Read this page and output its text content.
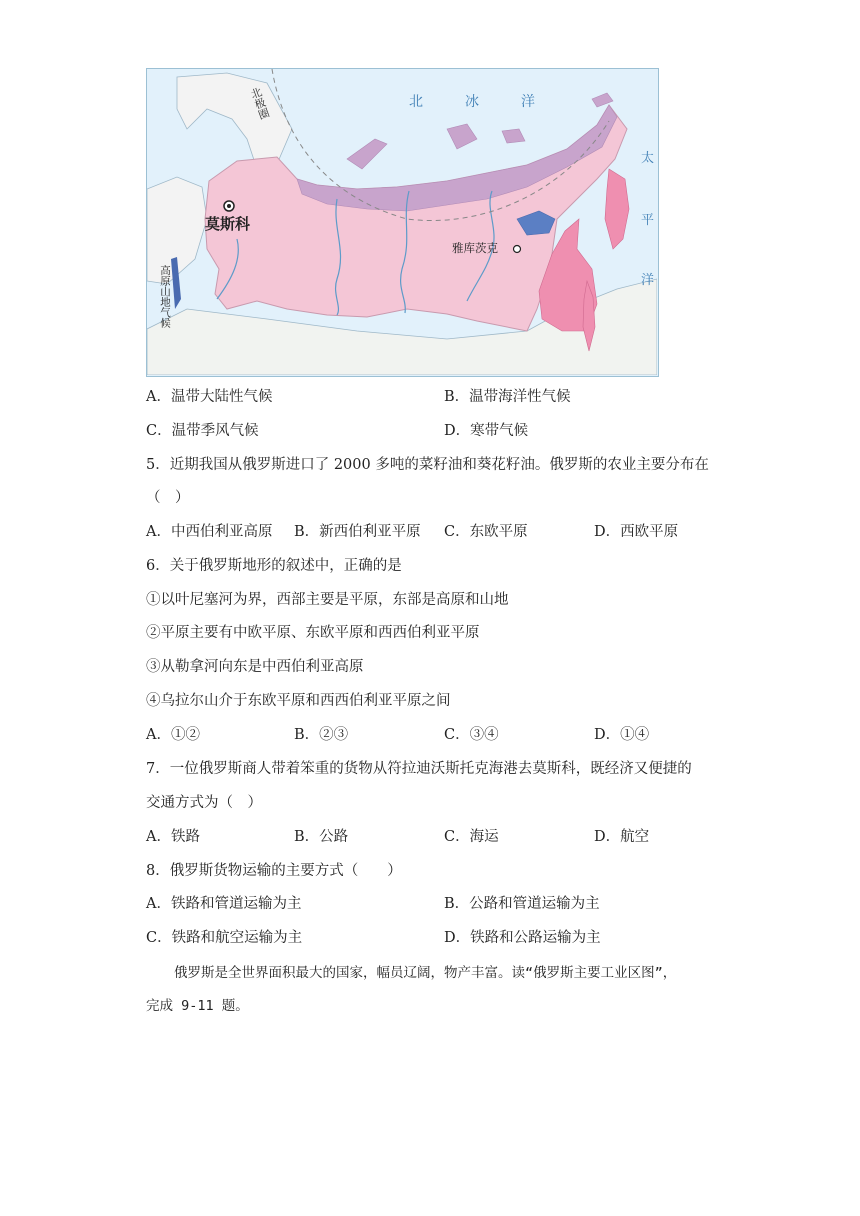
北	冰	洋
太
平
洋
北极圈
莫斯科
雅库茨克
高原山地气候
A．温带大陆性气候	B．温带海洋性气候
C．温带季风气候	D．寒带气候
5．近期我国从俄罗斯进口了 2000 多吨的菜籽油和葵花籽油。俄罗斯的农业主要分布在
（　）
A．中西伯利亚高原 B．新西伯利亚平原 C．东欧平原	D．西欧平原
6．关于俄罗斯地形的叙述中，正确的是
①以叶尼塞河为界，西部主要是平原，东部是高原和山地
②平原主要有中欧平原、东欧平原和西西伯利亚平原
③从勒拿河向东是中西伯利亚高原
④乌拉尔山介于东欧平原和西西伯利亚平原之间
A．①②	B．②③	C．③④	D．①④
7．一位俄罗斯商人带着笨重的货物从符拉迪沃斯托克海港去莫斯科，既经济又便捷的
交通方式为（　）
A．铁路	B．公路	C．海运	D．航空
8．俄罗斯货物运输的主要方式（　　）
A．铁路和管道运输为主	B．公路和管道运输为主
C．铁路和航空运输为主	D．铁路和公路运输为主
俄罗斯是全世界面积最大的国家，幅员辽阔，物产丰富。读“俄罗斯主要工业区图”，
完成 9-11 题。
